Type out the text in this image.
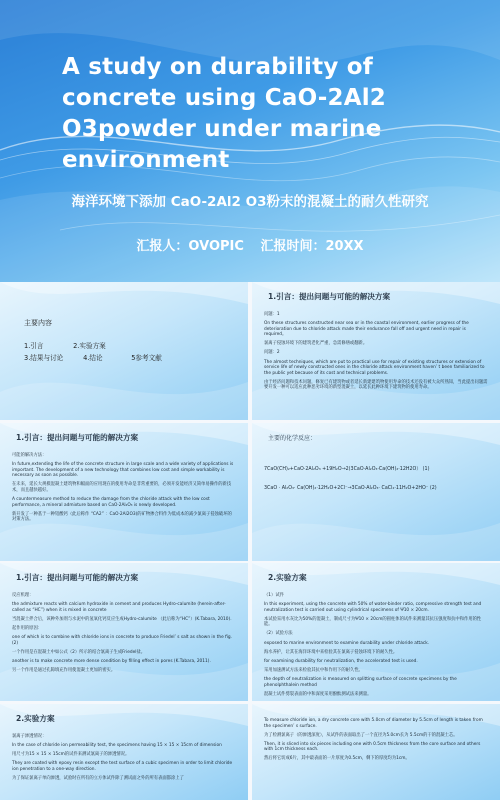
A study on durability of concrete using CaO-2Al2 O3powder under marine environment
海洋环境下添加 CaO-2Al2 O3粉末的混凝土的耐久性研究
汇报人：OVOPIC 汇报时间：20XX
主要内容
1.引言	2.实验方案
3.结果与讨论	4.结论	5参考文献
1.引言：提出问题与可能的解决方案

问题：1

On these structures constructed near sea or in the coastal environment, earlier progress of the deterioration due to chloride attack made their endurance fall off and urgent need in repair is required。

氯离子侵蚀环境下的建筑老化严重，急需修缮或翻新。

问题：2

The almost techniques, which are put to practical use for repair of existing structures or extension of service life of newly constructed ones in the chloride attack environment haven’ t been familiarized to the public yet because of its cost and technical problems.

由于经济问题和技术问题，修复已有建筑物或者延长新建建筑物使用寿命的技术还没有被大众所熟知，当此提出问题需要开发一种可以适应此种恶劣环境的新型混凝土，以延长此种环境下建筑物的使用寿命。

1.引言：提出问题与可能的解决方案

可能的解决方法：

In future,extending the life of the concrete structure in large scale and a wide variety of applications is important. The development of a new technology that combines low cost and simple workability is necessary as soon as possible.

在未来，延长大规模混凝土建筑物和幅面的应用现在的使用寿命是非常重要的，必须开发能经济又简单易操作的新技术，而且越快越好。

A countermeasure method to reduce the damage from the chloride attack with the low cost performance, a mineral admixture based on CaO·2Al₂O₃ is newly developed.

新开发了一种基于一种铝酸钙（此后称作 “CA2” ：CaO·2Al2O3)的矿物掺合料作为低成本的减少氯离子侵蚀破坏的对策方法。

主要的化学反应：

7CaO(CH)₂+CaO·2Al₂O₃ +19H₂O→2(3CaO·Al₂O₃·Ca(OH)₂·12H2O） (1)

3CaO · Al₂O₃· Ca(OH)₂·12H₂O+2Cl⁻→3CaO·Al₂O₃· CaCl₂·11H₂O+2HO⁻ (2)

1.引言：提出问题与可能的解决方案

反应机理：

the admixture reacts with calcium hydroxide in cement and produces Hydro-calumite (herein-after-called as “HC”) when it is mixed in concrete

当混凝土拌合后，该种外加剂与水泥中的氢氧化钙反应生成Hydro-calumite （此后称为“HC”）(K.Tabara, 2010).

起作用的原因：

one of which is to combine with chloride ions in concrete to produce Friedel’ s salt as shown in the fig.(2)

一个作用是在混凝土中如公式（2）所示的结合氯离子生成Friedel盐。

another is to make concrete more dense condition by filling effect in pores (K.Tabara, 2011).

另一个作用是通过孔隙填充作用使混凝土更加的密实。

2.实验方案

（1）试件

In this experiment, using the concrete with 50% of water-binder ratio, compressive strength test and neutralization test is carried out using cylindrical specimens of Ψ10 × 20cm.

本试验采用水灰比为50%的混凝土，制成尺寸为Ψ10 × 20cm的圆柱体的试件来测量其抗压强度和抗中和作用的性能。

（2）试验方法

exposed to marine environment to examine durability under chloride attack.

海水养护，让其在海洋环境中来检验其在氯离子侵蚀环境下的耐久性。

for examining durability for neutralization, the accelerated test is used.

采用加速测试方法来检验其抗中和作用下的耐久性。

the depth of neutralization is measured on splitting surface of concrete specimens by the phenolphthalein method

混凝土试件劈裂表面的中和深度采用酚酞测试法来测量。

2.实验方案

氯离子渗透情况：

In the case of chloride ion permeability test, the specimens having 15 × 15 × 15cm of dimension

用尺寸为15 × 15 × 15cm的试件来测试氯离子的渗透情况。

They are coated with epoxy resin except the test surface of a cubic specimen in order to limit chloride ion penetration to a one-way direction.

为了保证氯离子单向渗透，试验时在所有的立方体试件除了测试面之外的所有表面都涂上了

To measure chloride ion, a dry concrete core with 5.0cm of diameter by 5.5cm of length is taken from the specimen’ s surface.

为了检测氯离子（的渗透深度），从试件的表面取出了一个直径为5.0cm长为 5.5cm的干的混凝土芯。

Then, it is sliced into six pieces including one with 0.5cm thickness from the core surface and others with 1cm thickness each.

然后将它切成6片，其中最表面的一片厚度为0.5cm，剩下的厚度均为1cm。
